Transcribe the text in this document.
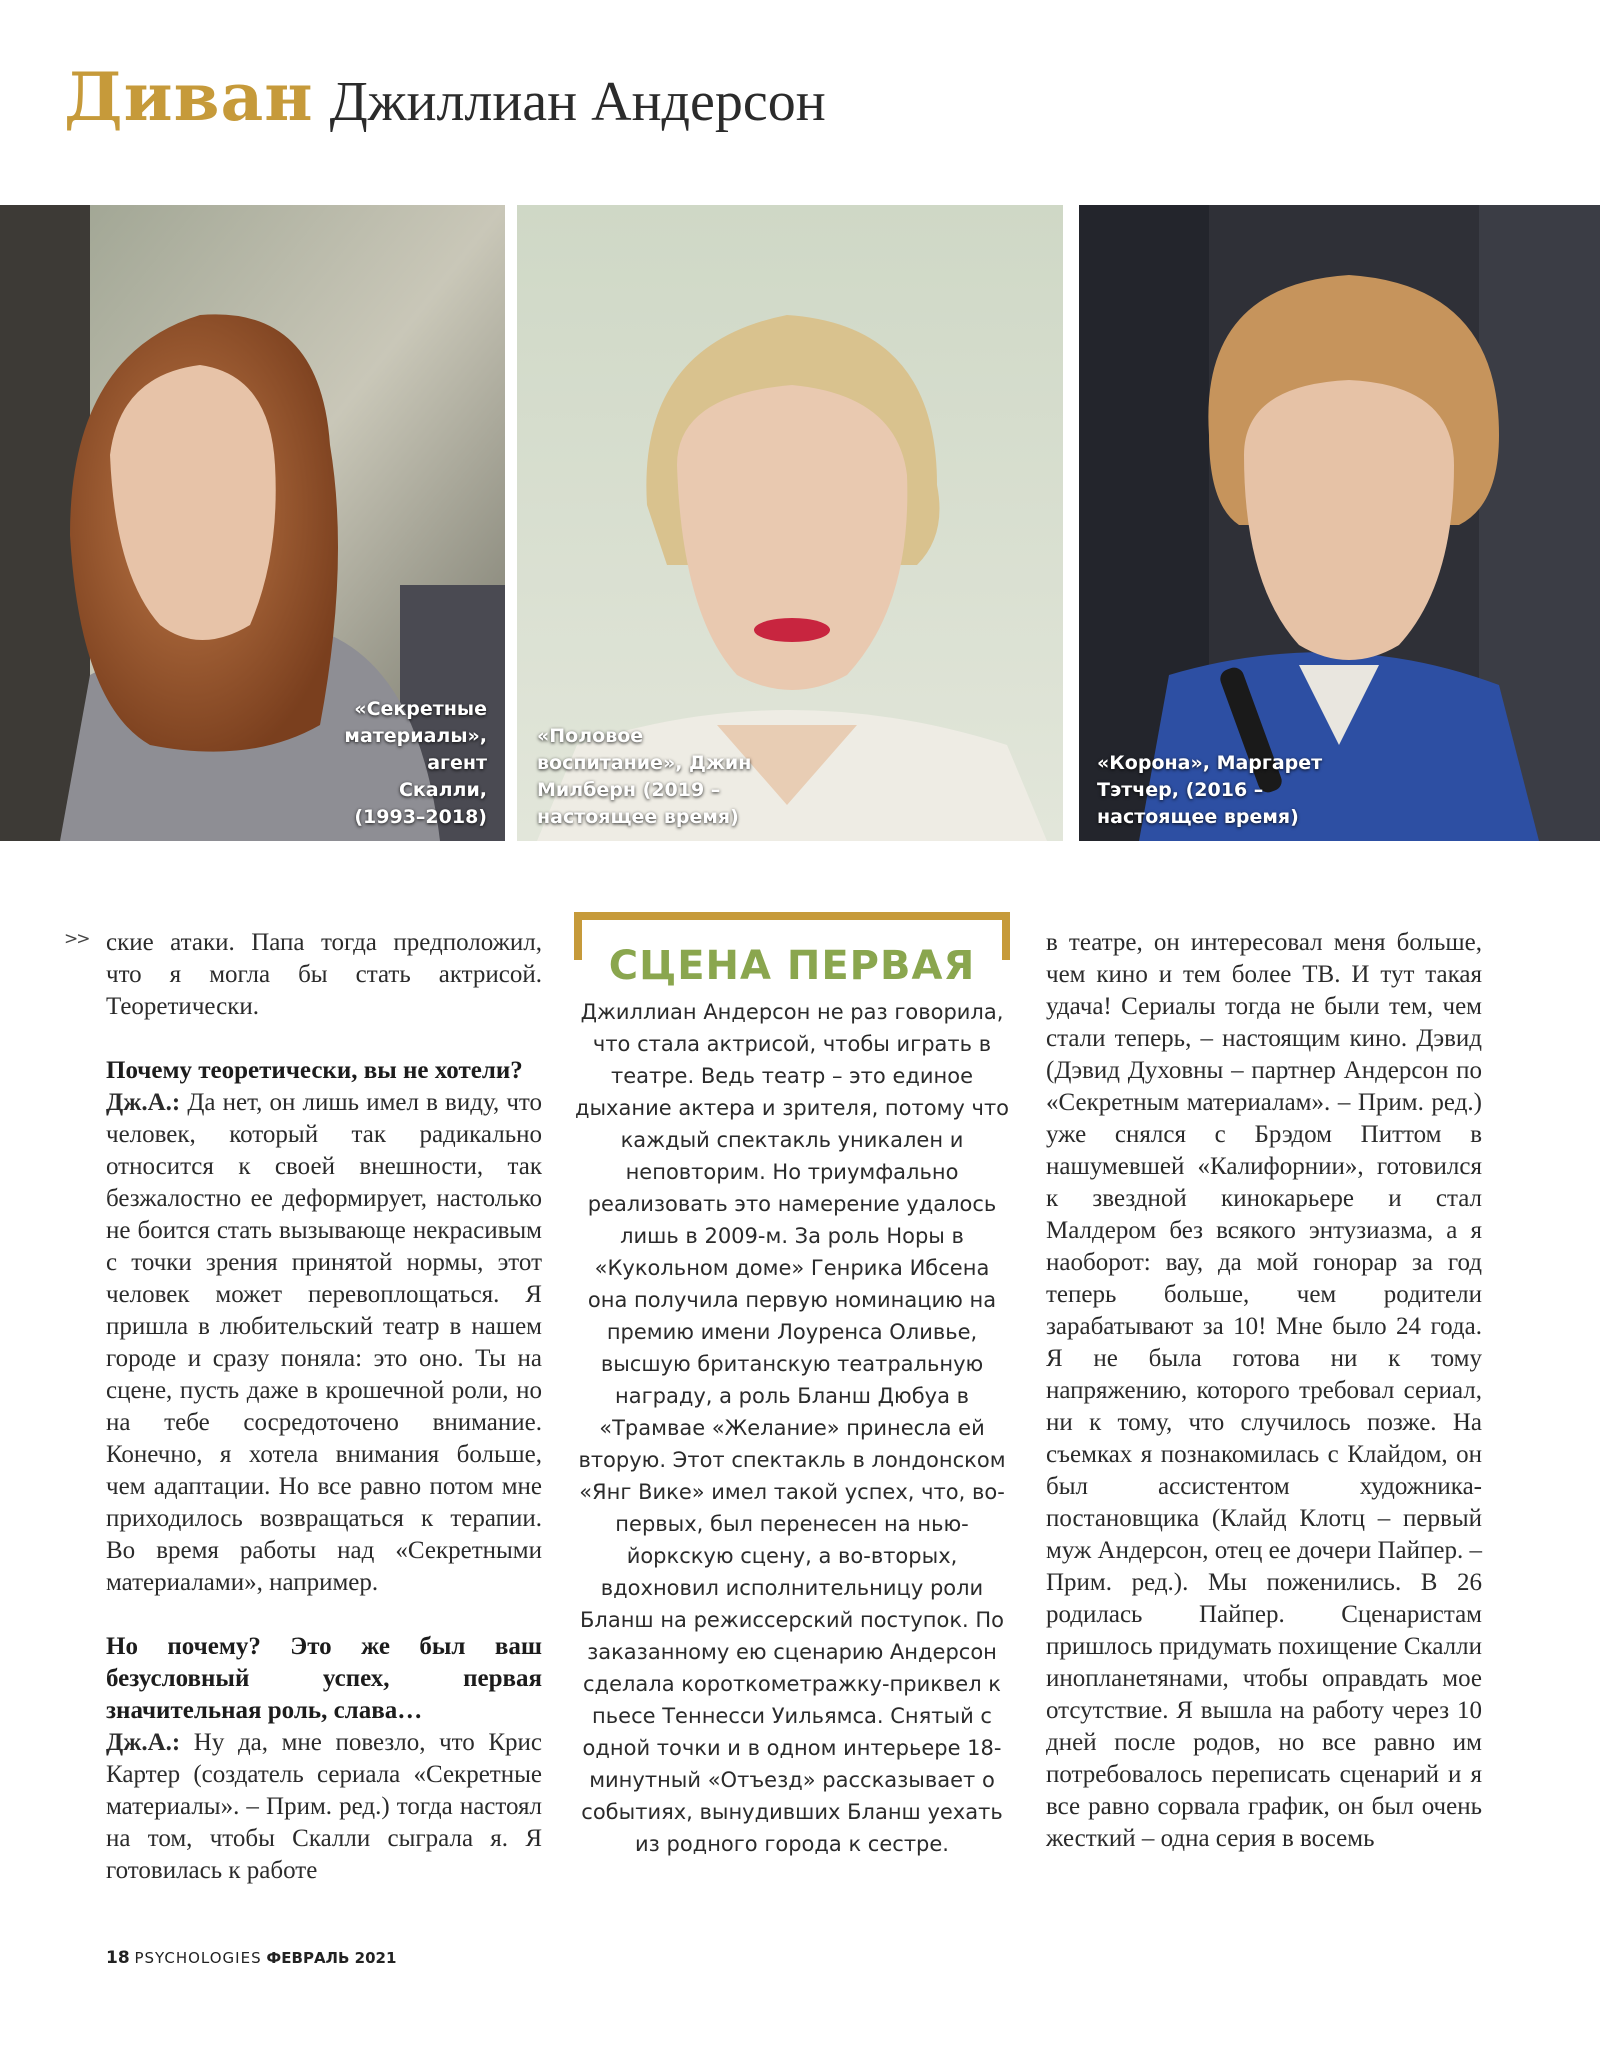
Диван Джиллиан Андерсон
«Секретные материалы», агент Скалли, (1993–2018)
«Половое воспитание», Джин Милберн (2019 – настоящее время)
«Корона», Маргарет Тэтчер, (2016 – настоящее время)
>> ские атаки. Папа тогда предположил, что я могла бы стать актрисой. Теоретически.

Почему теоретически, вы не хотели?

Дж.А.: Да нет, он лишь имел в виду, что человек, который так радикально относится к своей внешности, так безжалостно ее деформирует, настолько не боится стать вызывающе некрасивым с точки зрения принятой нормы, этот человек может перевоплощаться. Я пришла в любительский театр в нашем городе и сразу поняла: это оно. Ты на сцене, пусть даже в крошечной роли, но на тебе сосредоточено внимание. Конечно, я хотела внимания больше, чем адаптации. Но все равно потом мне приходилось возвращаться к терапии. Во время работы над «Секретными материалами», например.

Но почему? Это же был ваш безусловный успех, первая значительная роль, слава…

Дж.А.: Ну да, мне повезло, что Крис Картер (создатель сериала «Секретные материалы». – Прим. ред.) тогда настоял на том, чтобы Скалли сыграла я. Я готовилась к работе

СЦЕНА ПЕРВАЯ
Джиллиан Андерсон не раз говорила, что стала актрисой, чтобы играть в театре. Ведь театр – это единое дыхание актера и зрителя, потому что каждый спектакль уникален и неповторим. Но триумфально реализовать это намерение удалось лишь в 2009-м. За роль Норы в «Кукольном доме» Генрика Ибсена она получила первую номинацию на премию имени Лоуренса Оливье, высшую британскую театральную награду, а роль Бланш Дюбуа в «Трамвае «Желание» принесла ей вторую. Этот спектакль в лондонском «Янг Вике» имел такой успех, что, во-первых, был перенесен на нью-йоркскую сцену, а во-вторых, вдохновил исполнительницу роли Бланш на режиссерский поступок. По заказанному ею сценарию Андерсон сделала короткометражку-приквел к пьесе Теннесси Уильямса. Снятый с одной точки и в одном интерьере 18-минутный «Отъезд» рассказывает о событиях, вынудивших Бланш уехать из родного города к сестре.

в театре, он интересовал меня больше, чем кино и тем более ТВ. И тут такая удача! Сериалы тогда не были тем, чем стали теперь, – настоящим кино. Дэвид (Дэвид Духовны – партнер Андерсон по «Секретным материалам». – Прим. ред.) уже снялся с Брэдом Питтом в нашумевшей «Калифорнии», готовился к звездной кинокарьере и стал Малдером без всякого энтузиазма, а я наоборот: вау, да мой гонорар за год теперь больше, чем родители зарабатывают за 10! Мне было 24 года. Я не была готова ни к тому напряжению, которого требовал сериал, ни к тому, что случилось позже. На съемках я познакомилась с Клайдом, он был ассистентом художника-постановщика (Клайд Клотц – первый муж Андерсон, отец ее дочери Пайпер. – Прим. ред.). Мы поженились. В 26 родилась Пайпер. Сценаристам пришлось придумать похищение Скалли инопланетянами, чтобы оправдать мое отсутствие. Я вышла на работу через 10 дней после родов, но все равно им потребовалось переписать сценарий и я все равно сорвала график, он был очень жесткий – одна серия в восемь

18 PSYCHOLOGIES ФЕВРАЛЬ 2021
